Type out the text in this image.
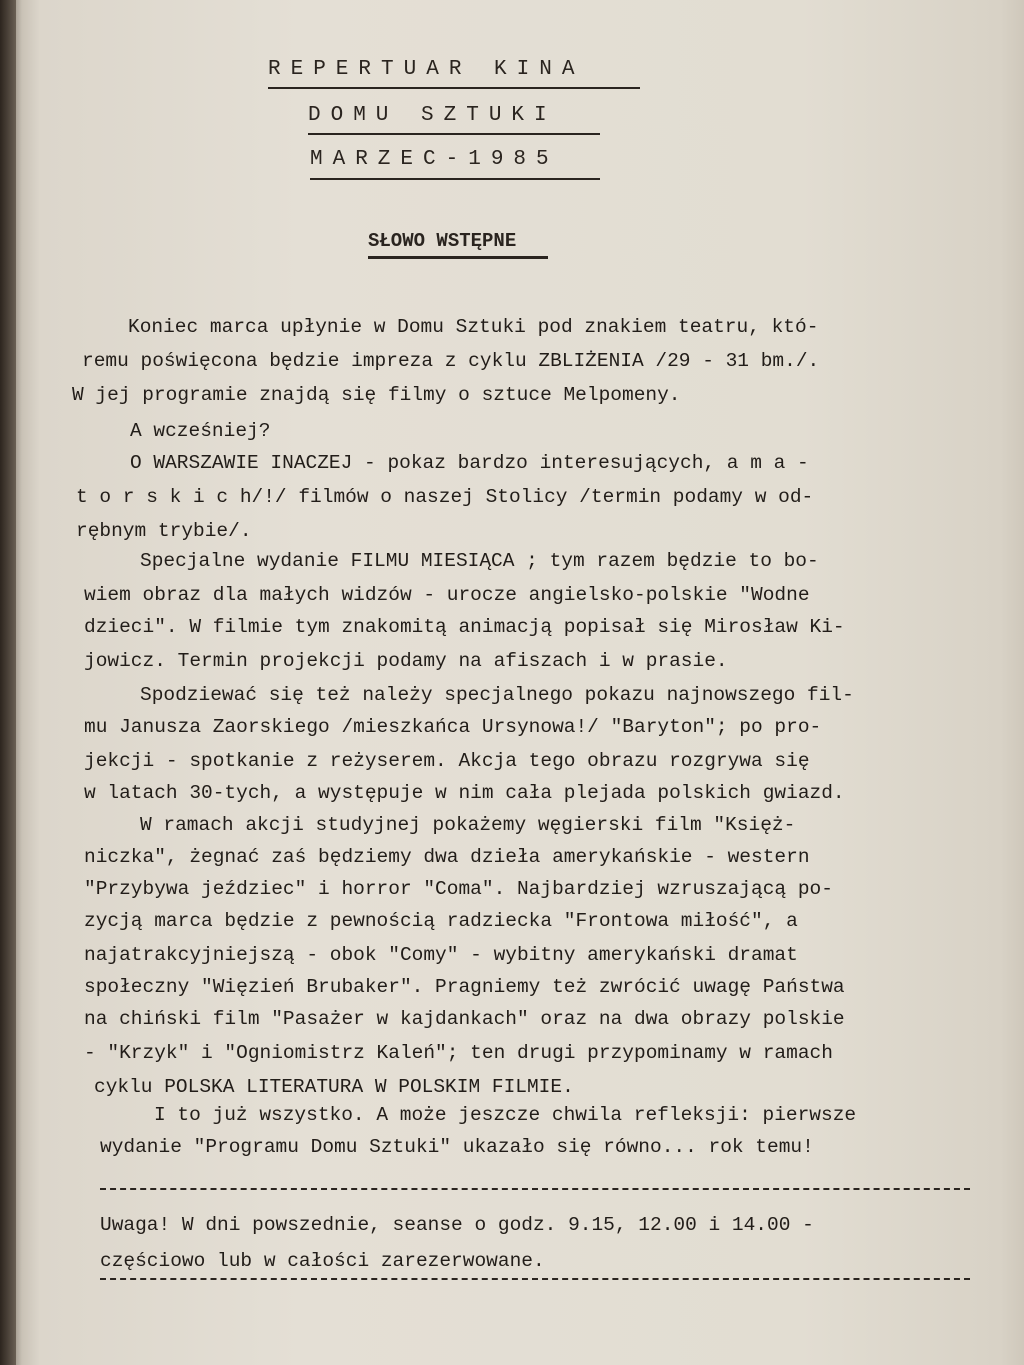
REPERTUAR KINA
DOMU SZTUKI
MARZEC-1985
SŁOWO WSTĘPNE
Koniec marca upłynie w Domu Sztuki pod znakiem teatru, któ-
remu poświęcona będzie impreza z cyklu ZBLIŻENIA /29 - 31 bm./.
W jej programie znajdą się filmy o sztuce Melpomeny.
A wcześniej?
O WARSZAWIE INACZEJ - pokaz bardzo interesujących, a m a -
t o r s k i c h/!/ filmów o naszej Stolicy /termin podamy w od-
rębnym trybie/.
Specjalne wydanie FILMU MIESIĄCA ; tym razem będzie to bo-
wiem obraz dla małych widzów - urocze angielsko-polskie "Wodne
dzieci". W filmie tym znakomitą animacją popisał się Mirosław Ki-
jowicz. Termin projekcji podamy na afiszach i w prasie.
Spodziewać się też należy specjalnego pokazu najnowszego fil-
mu Janusza Zaorskiego /mieszkańca Ursynowa!/ "Baryton"; po pro-
jekcji - spotkanie z reżyserem. Akcja tego obrazu rozgrywa się
w latach 30-tych, a występuje w nim cała plejada polskich gwiazd.
W ramach akcji studyjnej pokażemy węgierski film "Księż-
niczka", żegnać zaś będziemy dwa dzieła amerykańskie - western
"Przybywa jeździec" i horror "Coma". Najbardziej wzruszającą po-
zycją marca będzie z pewnością radziecka "Frontowa miłość", a
najatrakcyjniejszą - obok "Comy" - wybitny amerykański dramat
społeczny "Więzień Brubaker". Pragniemy też zwrócić uwagę Państwa
na chiński film "Pasażer w kajdankach" oraz na dwa obrazy polskie
- "Krzyk" i "Ogniomistrz Kaleń"; ten drugi przypominamy w ramach
cyklu POLSKA LITERATURA W POLSKIM FILMIE.
I to już wszystko. A może jeszcze chwila refleksji: pierwsze
wydanie "Programu Domu Sztuki" ukazało się równo... rok temu!
Uwaga! W dni powszednie, seanse o godz. 9.15, 12.00 i 14.00 -
częściowo lub w całości zarezerwowane.
